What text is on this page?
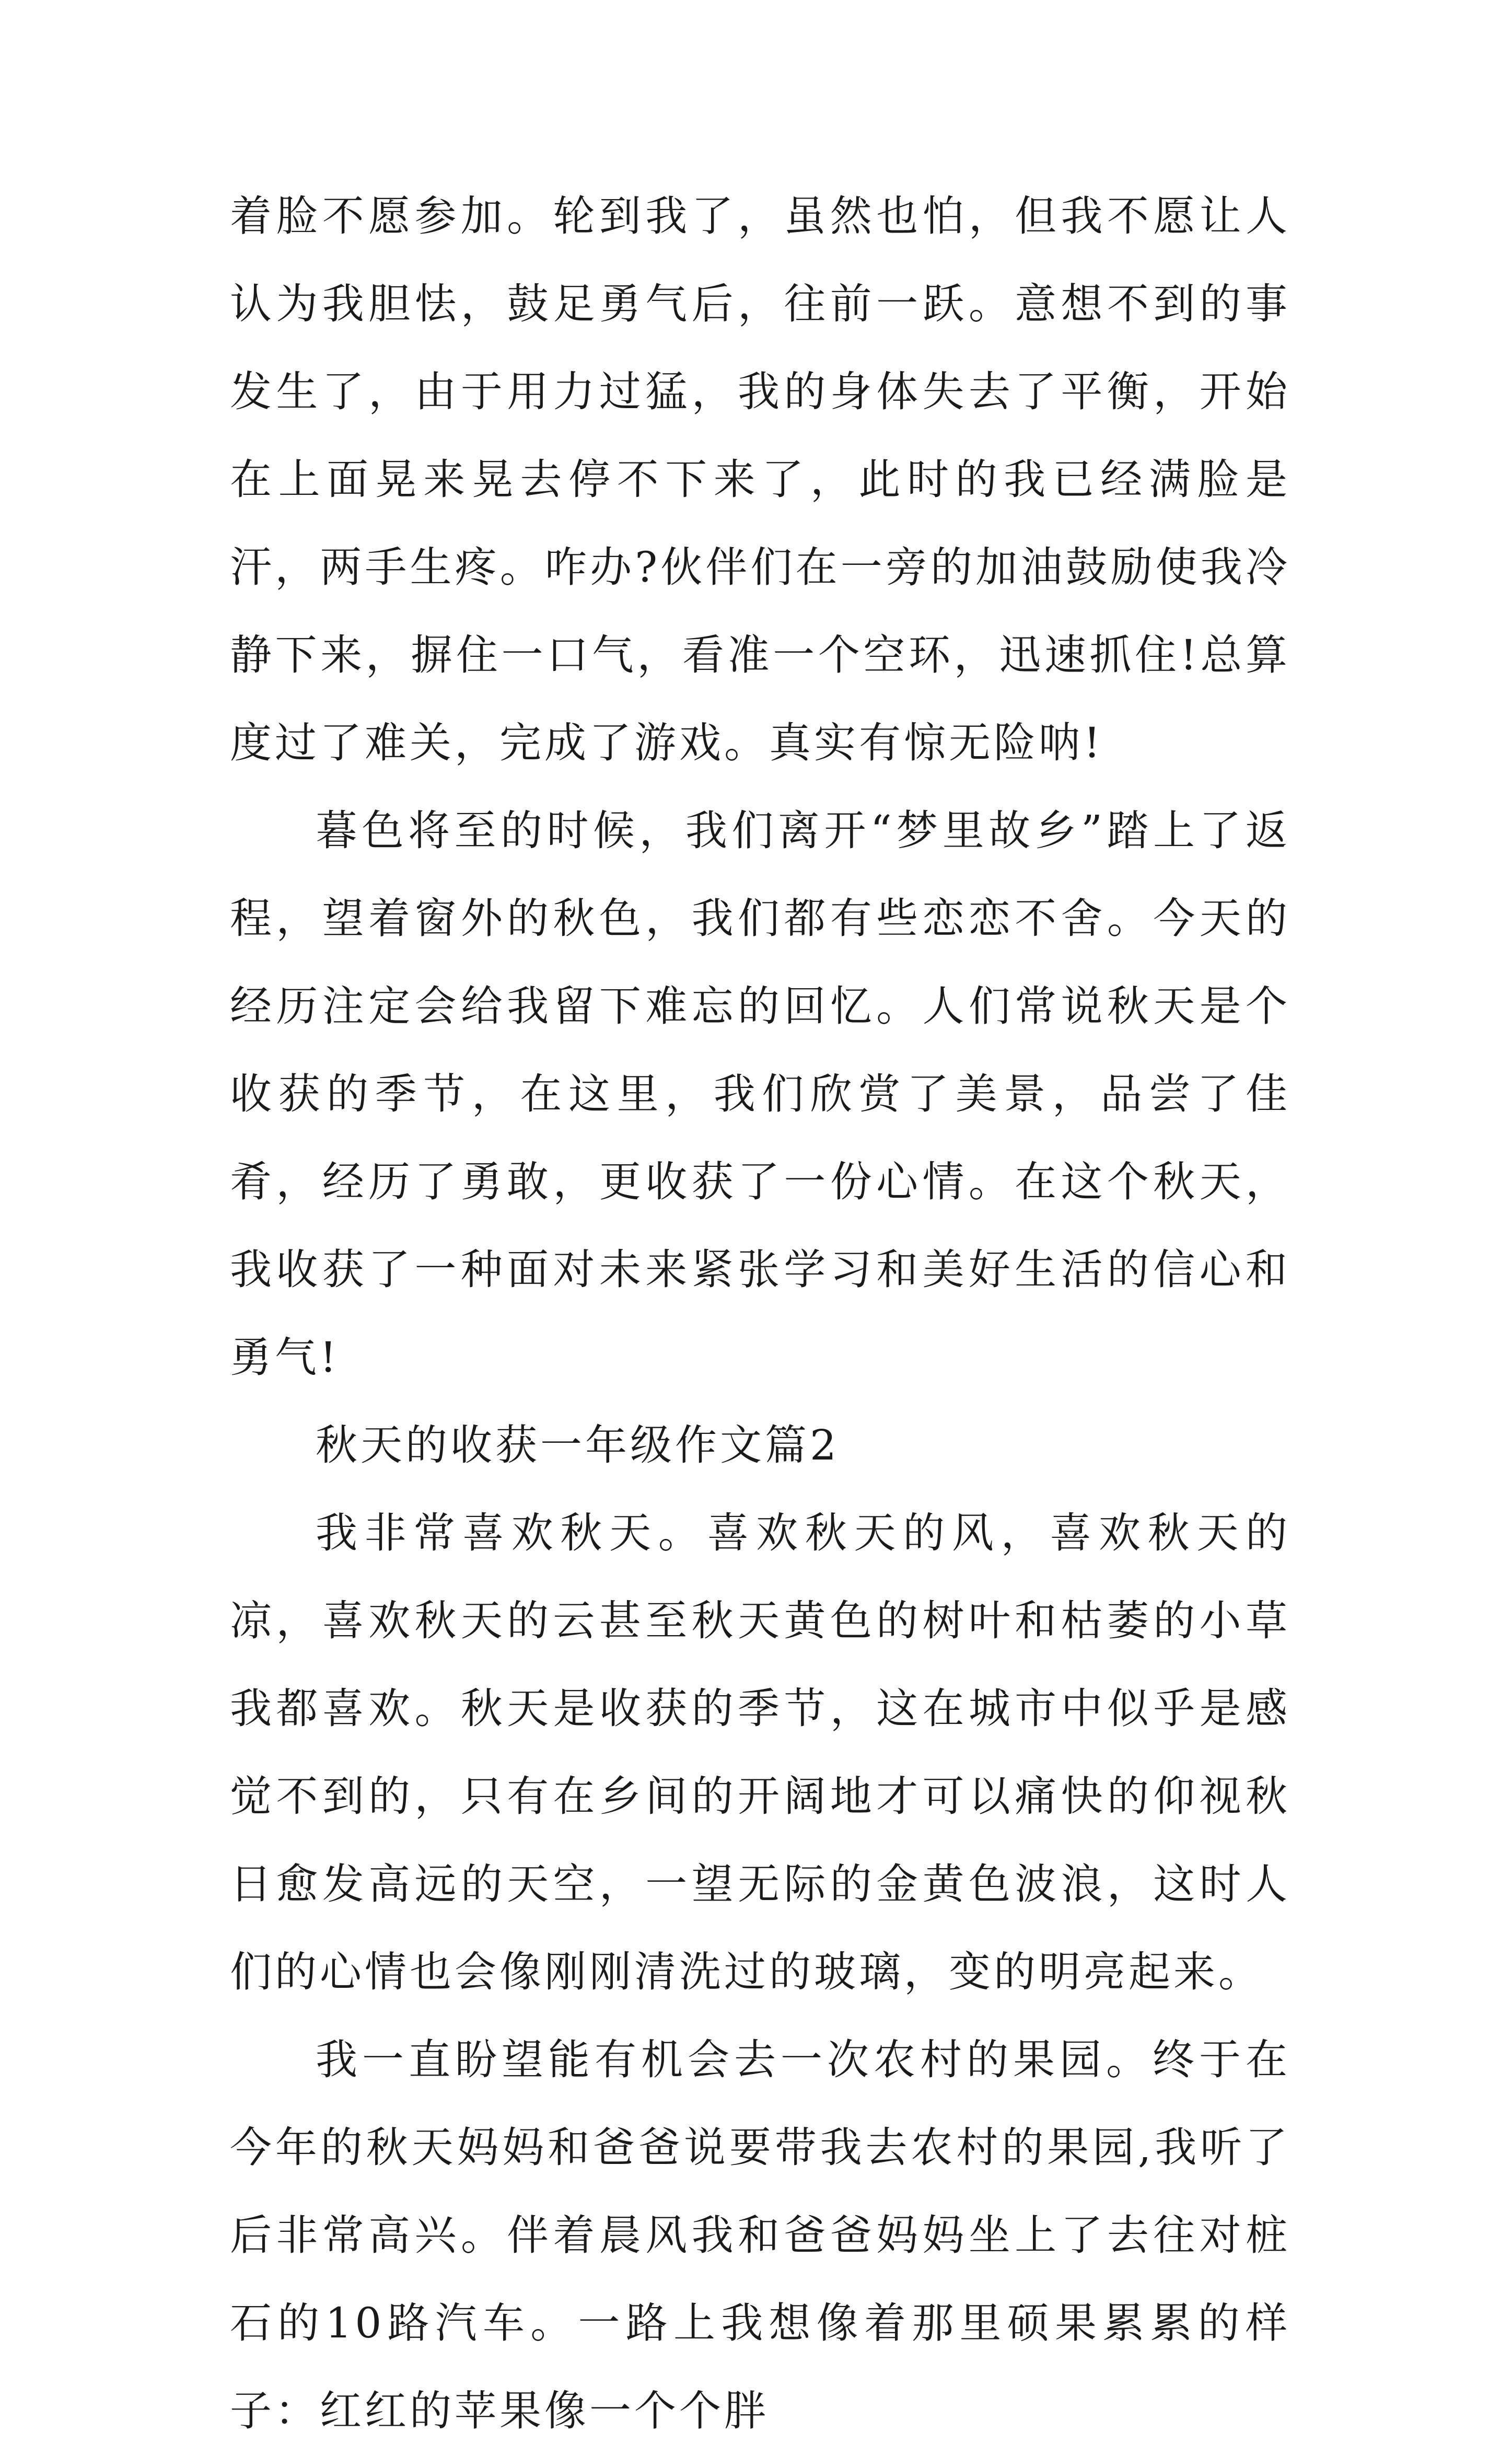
着脸不愿参加。轮到我了，虽然也怕，但我不愿让人认为我胆怯，鼓足勇气后，往前一跃。意想不到的事发生了，由于用力过猛，我的身体失去了平衡，开始在上面晃来晃去停不下来了，此时的我已经满脸是汗，两手生疼。咋办?伙伴们在一旁的加油鼓励使我冷静下来，摒住一口气，看准一个空环，迅速抓住!总算度过了难关，完成了游戏。真实有惊无险呐!

暮色将至的时候，我们离开“梦里故乡”踏上了返程，望着窗外的秋色，我们都有些恋恋不舍。今天的经历注定会给我留下难忘的回忆。人们常说秋天是个收获的季节，在这里，我们欣赏了美景，品尝了佳肴，经历了勇敢，更收获了一份心情。在这个秋天，我收获了一种面对未来紧张学习和美好生活的信心和勇气!

秋天的收获一年级作文篇2

我非常喜欢秋天。喜欢秋天的风，喜欢秋天的凉，喜欢秋天的云甚至秋天黄色的树叶和枯萎的小草我都喜欢。秋天是收获的季节，这在城市中似乎是感觉不到的，只有在乡间的开阔地才可以痛快的仰视秋日愈发高远的天空，一望无际的金黄色波浪，这时人们的心情也会像刚刚清洗过的玻璃，变的明亮起来。

我一直盼望能有机会去一次农村的果园。终于在今年的秋天妈妈和爸爸说要带我去农村的果园,我听了后非常高兴。伴着晨风我和爸爸妈妈坐上了去往对桩石的10路汽车。一路上我想像着那里硕果累累的样子：红红的苹果像一个个胖
